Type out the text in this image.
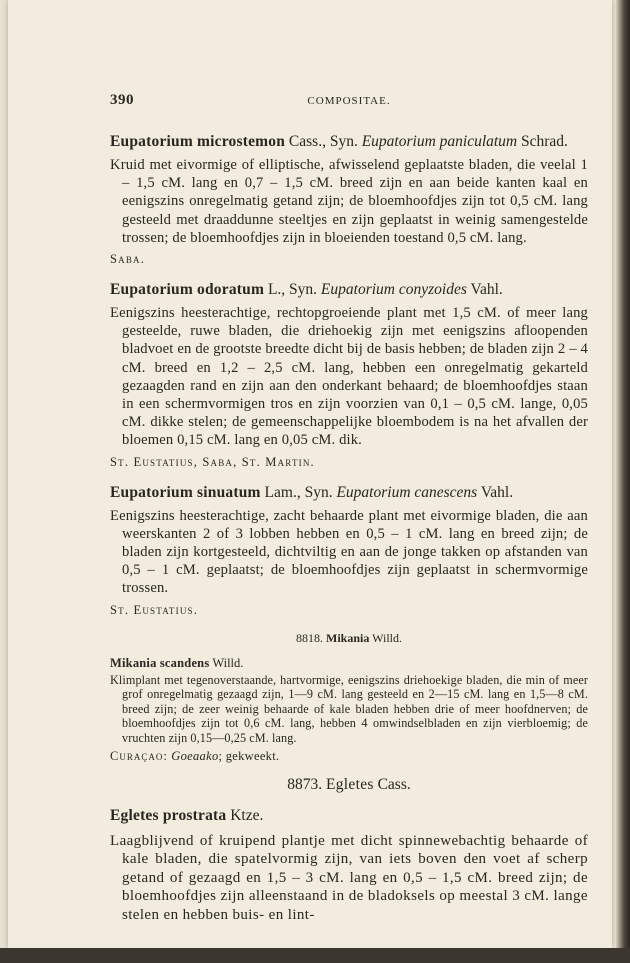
390	COMPOSITAE.
Eupatorium microstemon Cass., Syn. Eupatorium paniculatum Schrad.
Kruid met eivormige of elliptische, afwisselend geplaatste bladen, die veelal 1 – 1,5 cM. lang en 0,7 – 1,5 cM. breed zijn en aan beide kanten kaal en eenigszins onregelmatig getand zijn; de bloemhoofdjes zijn tot 0,5 cM. lang gesteeld met draaddunne steeltjes en zijn geplaatst in weinig samengestelde trossen; de bloemhoofdjes zijn in bloeienden toestand 0,5 cM. lang.
Saba.
Eupatorium odoratum L., Syn. Eupatorium conyzoides Vahl.
Eenigszins heesterachtige, rechtopgroeiende plant met 1,5 cM. of meer lang gesteelde, ruwe bladen, die driehoekig zijn met eenigszins afloopenden bladvoet en de grootste breedte dicht bij de basis hebben; de bladen zijn 2 – 4 cM. breed en 1,2 – 2,5 cM. lang, hebben een onregelmatig gekarteld gezaagden rand en zijn aan den onderkant behaard; de bloemhoofdjes staan in een schermvormigen tros en zijn voorzien van 0,1 – 0,5 cM. lange, 0,05 cM. dikke stelen; de gemeenschappelijke bloembodem is na het afvallen der bloemen 0,15 cM. lang en 0,05 cM. dik.
St. Eustatius, Saba, St. Martin.
Eupatorium sinuatum Lam., Syn. Eupatorium canescens Vahl.
Eenigszins heesterachtige, zacht behaarde plant met eivormige bladen, die aan weerskanten 2 of 3 lobben hebben en 0,5 – 1 cM. lang en breed zijn; de bladen zijn kortgesteeld, dichtviltig en aan de jonge takken op afstanden van 0,5 – 1 cM. geplaatst; de bloemhoofdjes zijn geplaatst in schermvormige trossen.
St. Eustatius.
8818. Mikania Willd.
Mikania scandens Willd.
Klimplant met tegenoverstaande, hartvormige, eenigszins driehoekige bladen, die min of meer grof onregelmatig gezaagd zijn, 1—9 cM. lang gesteeld en 2—15 cM. lang en 1,5—8 cM. breed zijn; de zeer weinig behaarde of kale bladen hebben drie of meer hoofdnerven; de bloemhoofdjes zijn tot 0,6 cM. lang, hebben 4 omwindselbladen en zijn vierbloemig; de vruchten zijn 0,15—0,25 cM. lang.
Curaçao: Goeaako; gekweekt.
8873. Egletes Cass.
Egletes prostrata Ktze.
Laagblijvend of kruipend plantje met dicht spinnewebachtig behaarde of kale bladen, die spatelvormig zijn, van iets boven den voet af scherp getand of gezaagd en 1,5 – 3 cM. lang en 0,5 – 1,5 cM. breed zijn; de bloemhoofdjes zijn alleenstaand in de bladoksels op meestal 3 cM. lange stelen en hebben buis- en lint-
